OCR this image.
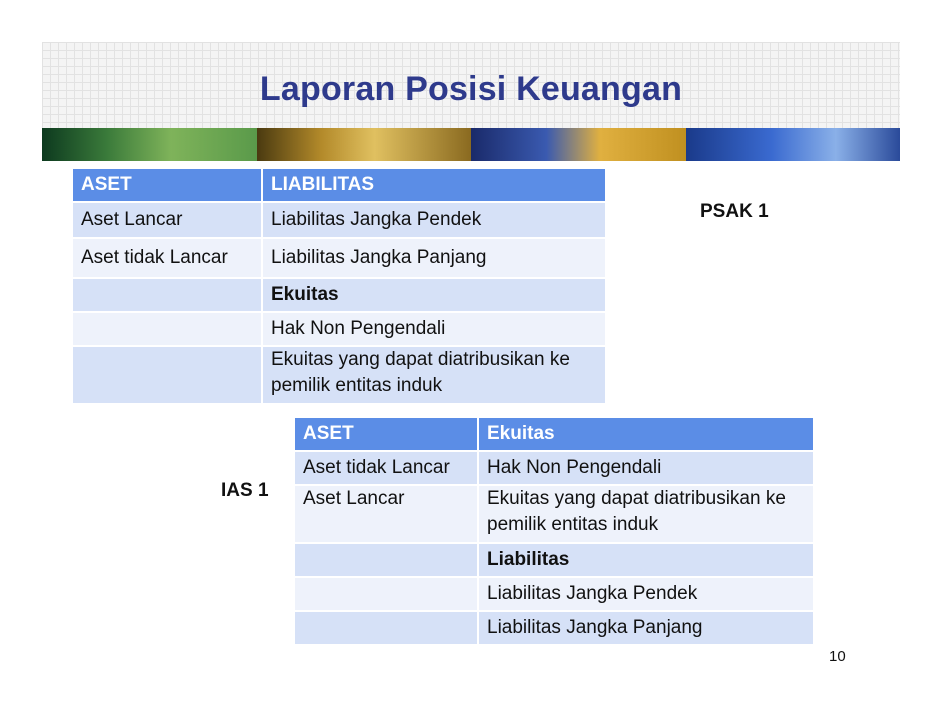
Laporan Posisi Keuangan
ASET	LIABILITAS
Aset Lancar	Liabilitas Jangka Pendek
Aset tidak Lancar	Liabilitas Jangka Panjang
	Ekuitas
	Hak Non Pengendali
	Ekuitas yang dapat diatribusikan ke pemilik entitas induk
PSAK 1
ASET	Ekuitas
Aset tidak Lancar	Hak Non Pengendali
Aset Lancar	Ekuitas yang dapat diatribusikan ke pemilik entitas induk
	Liabilitas
	Liabilitas Jangka Pendek
	Liabilitas Jangka Panjang
IAS 1
10
